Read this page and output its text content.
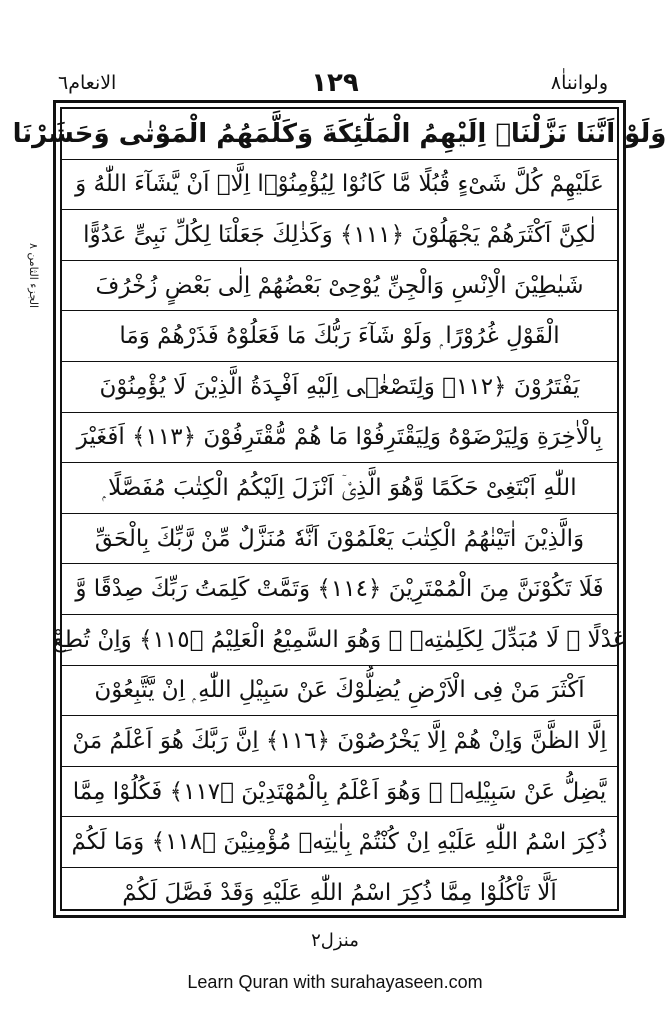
ولوانناٰ٨
١٢٩
الانعام٦
الجزء الثامن ٨
وَلَوْ اَنَّنَا نَزَّلْنَاۤ اِلَيْهِمُ الْمَلٰٓئِكَةَ وَكَلَّمَهُمُ الْمَوْتٰى وَحَشَرْنَا
عَلَيْهِمْ كُلَّ شَىْءٍ قُبُلًا مَّا كَانُوْا لِيُؤْمِنُوْۤا اِلَّاۤ اَنْ يَّشَآءَ اللّٰهُ وَ
لٰكِنَّ اَكْثَرَهُمْ يَجْهَلُوْنَ ﴿١١١﴾ وَكَذٰلِكَ جَعَلْنَا لِكُلِّ نَبِىٍّ عَدُوًّا
شَيٰطِيْنَ الْاِنْسِ وَالْجِنِّ يُوْحِىْ بَعْضُهُمْ اِلٰى بَعْضٍ زُخْرُفَ
الْقَوْلِ غُرُوْرًا ۭ وَلَوْ شَآءَ رَبُّكَ مَا فَعَلُوْهُ فَذَرْهُمْ وَمَا
يَفْتَرُوْنَ ﴿١١٢﴾ وَلِتَصْغٰۤى اِلَيْهِ اَفْـِٕدَةُ الَّذِيْنَ لَا يُؤْمِنُوْنَ
بِالْاٰخِرَةِ وَلِيَرْضَوْهُ وَلِيَقْتَرِفُوْا مَا هُمْ مُّقْتَرِفُوْنَ ﴿١١٣﴾ اَفَغَيْرَ
اللّٰهِ اَبْتَغِىْ حَكَمًا وَّهُوَ الَّذِىْۤ اَنْزَلَ اِلَيْكُمُ الْكِتٰبَ مُفَصَّلًا ۭ
وَالَّذِيْنَ اٰتَيْنٰهُمُ الْكِتٰبَ يَعْلَمُوْنَ اَنَّهٗ مُنَزَّلٌ مِّنْ رَّبِّكَ بِالْحَقِّ
فَلَا تَكُوْنَنَّ مِنَ الْمُمْتَرِيْنَ ﴿١١٤﴾ وَتَمَّتْ كَلِمَتُ رَبِّكَ صِدْقًا وَّ
عَدْلًا ۭ لَا مُبَدِّلَ لِكَلِمٰتِهٖ ۚ وَهُوَ السَّمِيْعُ الْعَلِيْمُ ﴿١١٥﴾ وَاِنْ تُطِعْ
اَكْثَرَ مَنْ فِى الْاَرْضِ يُضِلُّوْكَ عَنْ سَبِيْلِ اللّٰهِ ۭ اِنْ يَّتَّبِعُوْنَ
اِلَّا الظَّنَّ وَاِنْ هُمْ اِلَّا يَخْرُصُوْنَ ﴿١١٦﴾ اِنَّ رَبَّكَ هُوَ اَعْلَمُ مَنْ
يَّضِلُّ عَنْ سَبِيْلِهٖ ۚ وَهُوَ اَعْلَمُ بِالْمُهْتَدِيْنَ ﴿١١٧﴾ فَكُلُوْا مِمَّا
ذُكِرَ اسْمُ اللّٰهِ عَلَيْهِ اِنْ كُنْتُمْ بِاٰيٰتِهٖ مُؤْمِنِيْنَ ﴿١١٨﴾ وَمَا لَكُمْ
اَلَّا تَاْكُلُوْا مِمَّا ذُكِرَ اسْمُ اللّٰهِ عَلَيْهِ وَقَدْ فَصَّلَ لَكُمْ
منزل٢
Learn Quran with surahayaseen.com
